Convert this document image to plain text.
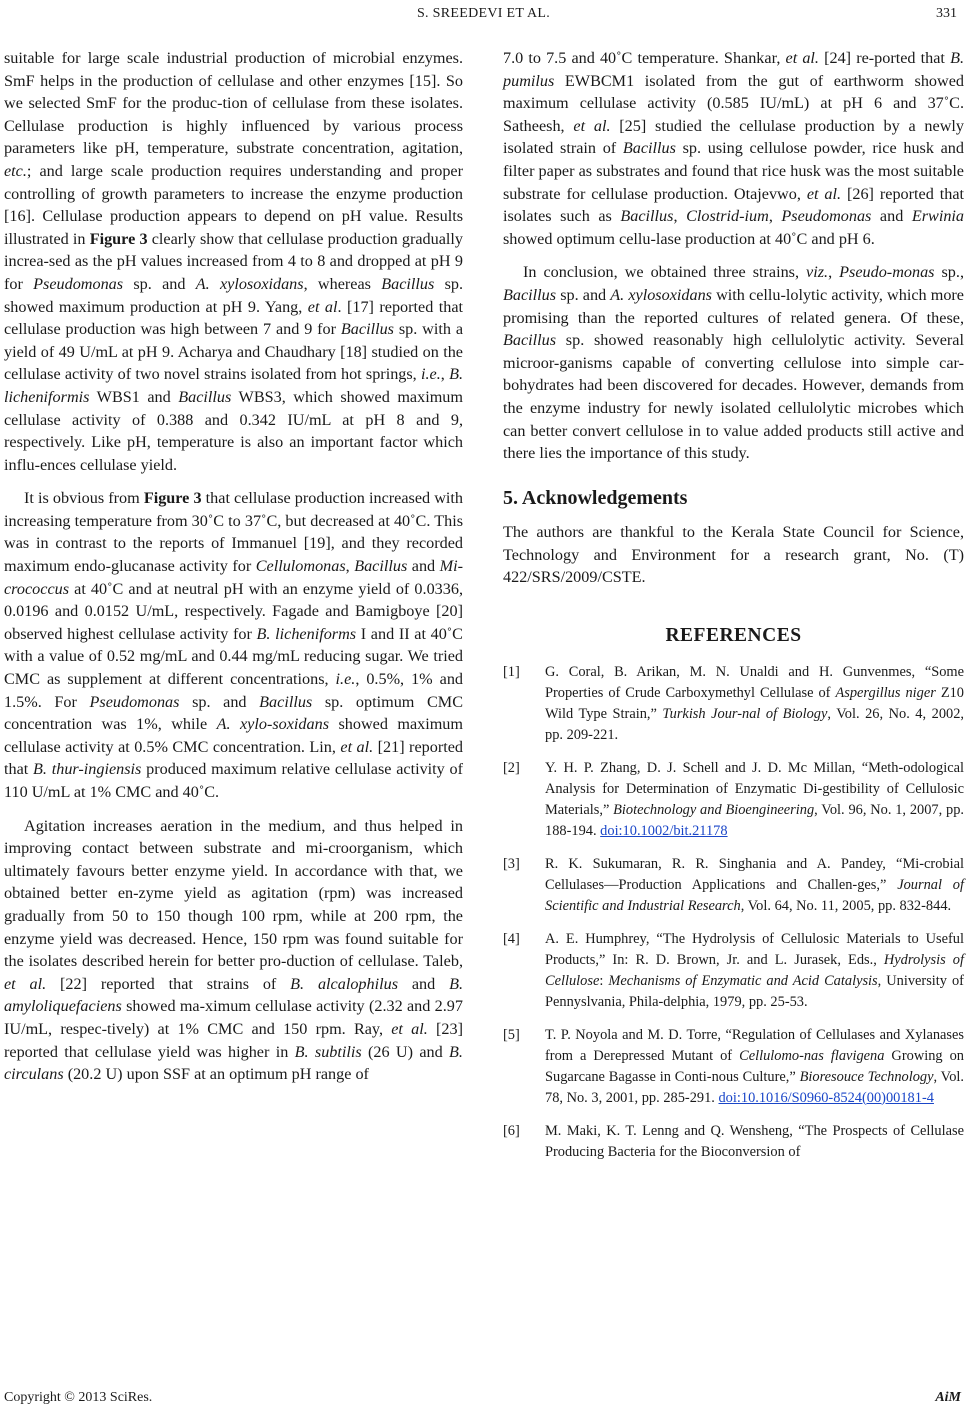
S. SREEDEVI ET AL.	331

suitable for large scale industrial production of microbial enzymes. SmF helps in the production of cellulase and other enzymes [15]. So we selected SmF for the produc-tion of cellulase from these isolates. Cellulase production is highly influenced by various process parameters like pH, temperature, substrate concentration, agitation, etc.; and large scale production requires understanding and proper controlling of growth parameters to increase the enzyme production [16]. Cellulase production appears to depend on pH value. Results illustrated in Figure 3 clearly show that cellulase production gradually increa-sed as the pH values increased from 4 to 8 and dropped at pH 9 for Pseudomonas sp. and A. xylosoxidans, whereas Bacillus sp. showed maximum production at pH 9. Yang, et al. [17] reported that cellulase production was high between 7 and 9 for Bacillus sp. with a yield of 49 U/mL at pH 9. Acharya and Chaudhary [18] studied on the cellulase activity of two novel strains isolated from hot springs, i.e., B. licheniformis WBS1 and Bacillus WBS3, which showed maximum cellulase activity of 0.388 and 0.342 IU/mL at pH 8 and 9, respectively. Like pH, temperature is also an important factor which influ-ences cellulase yield.

It is obvious from Figure 3 that cellulase production increased with increasing temperature from 30˚C to 37˚C, but decreased at 40˚C. This was in contrast to the reports of Immanuel [19], and they recorded maximum endo-glucanase activity for Cellulomonas, Bacillus and Mi-crococcus at 40˚C and at neutral pH with an enzyme yield of 0.0336, 0.0196 and 0.0152 U/mL, respectively. Fagade and Bamigboye [20] observed highest cellulase activity for B. licheniforms I and II at 40˚C with a value of 0.52 mg/mL and 0.44 mg/mL reducing sugar. We tried CMC as supplement at different concentrations, i.e., 0.5%, 1% and 1.5%. For Pseudomonas sp. and Bacillus sp. optimum CMC concentration was 1%, while A. xylo-soxidans showed maximum cellulase activity at 0.5% CMC concentration. Lin, et al. [21] reported that B. thur-ingiensis produced maximum relative cellulase activity of 110 U/mL at 1% CMC and 40˚C.

Agitation increases aeration in the medium, and thus helped in improving contact between substrate and mi-croorganism, which ultimately favours better enzyme yield. In accordance with that, we obtained better en-zyme yield as agitation (rpm) was increased gradually from 50 to 150 though 100 rpm, while at 200 rpm, the enzyme yield was decreased. Hence, 150 rpm was found suitable for the isolates described herein for better pro-duction of cellulase. Taleb, et al. [22] reported that strains of B. alcalophilus and B. amyloliquefaciens showed ma-ximum cellulase activity (2.32 and 2.97 IU/mL, respec-tively) at 1% CMC and 150 rpm. Ray, et al. [23] reported that cellulase yield was higher in B. subtilis (26 U) and B. circulans (20.2 U) upon SSF at an optimum pH range of

7.0 to 7.5 and 40˚C temperature. Shankar, et al. [24] re-ported that B. pumilus EWBCM1 isolated from the gut of earthworm showed maximum cellulase activity (0.585 IU/mL) at pH 6 and 37˚C. Satheesh, et al. [25] studied the cellulase production by a newly isolated strain of Bacillus sp. using cellulose powder, rice husk and filter paper as substrates and found that rice husk was the most suitable substrate for cellulase production. Otajevwo, et al. [26] reported that isolates such as Bacillus, Clostrid-ium, Pseudomonas and Erwinia showed optimum cellu-lase production at 40˚C and pH 6.

In conclusion, we obtained three strains, viz., Pseudo-monas sp., Bacillus sp. and A. xylosoxidans with cellu-lolytic activity, which more promising than the reported cultures of related genera. Of these, Bacillus sp. showed reasonably high cellulolytic activity. Several microor-ganisms capable of converting cellulose into simple car-bohydrates had been discovered for decades. However, demands from the enzyme industry for newly isolated cellulolytic microbes which can better convert cellulose in to value added products still active and there lies the importance of this study.

5. Acknowledgements

The authors are thankful to the Kerala State Council for Science, Technology and Environment for a research grant, No. (T) 422/SRS/2009/CSTE.

REFERENCES
[1] G. Coral, B. Arikan, M. N. Unaldi and H. Gunvenmes, “Some Properties of Crude Carboxymethyl Cellulase of Aspergillus niger Z10 Wild Type Strain,” Turkish Jour-nal of Biology, Vol. 26, No. 4, 2002, pp. 209-221.
[2] Y. H. P. Zhang, D. J. Schell and J. D. Mc Millan, “Meth-odological Analysis for Determination of Enzymatic Di-gestibility of Cellulosic Materials,” Biotechnology and Bioengineering, Vol. 96, No. 1, 2007, pp. 188-194. doi:10.1002/bit.21178
[3] R. K. Sukumaran, R. R. Singhania and A. Pandey, “Mi-crobial Cellulases—Production Applications and Challen-ges,” Journal of Scientific and Industrial Research, Vol. 64, No. 11, 2005, pp. 832-844.
[4] A. E. Humphrey, “The Hydrolysis of Cellulosic Materials to Useful Products,” In: R. D. Brown, Jr. and L. Jurasek, Eds., Hydrolysis of Cellulose: Mechanisms of Enzymatic and Acid Catalysis, University of Pennyslvania, Phila-delphia, 1979, pp. 25-53.
[5] T. P. Noyola and M. D. Torre, “Regulation of Cellulases and Xylanases from a Derepressed Mutant of Cellulomo-nas flavigena Growing on Sugarcane Bagasse in Conti-nous Culture,” Bioresouce Technology, Vol. 78, No. 3, 2001, pp. 285-291. doi:10.1016/S0960-8524(00)00181-4
[6] M. Maki, K. T. Lenng and Q. Wensheng, “The Prospects of Cellulase Producing Bacteria for the Bioconversion of
Copyright © 2013 SciRes.	AiM
